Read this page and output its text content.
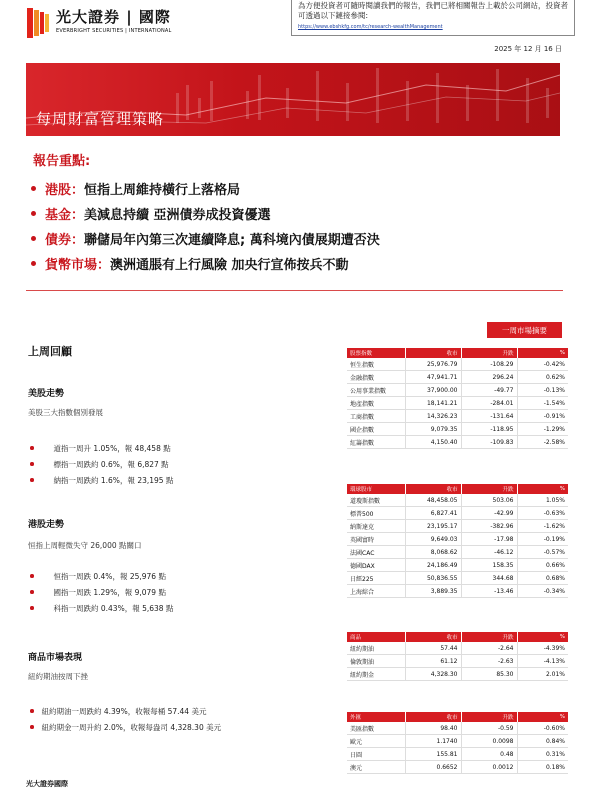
光大證券 | 國際
EVERBRIGHT SECURITIES | INTERNATIONAL
為方便投資者可隨時閱讀我們的報告，我們已將相關報告上載於公司網站，投資者可透過以下鏈接參閱:
https://www.ebshkfg.com/tc/research-wealthManagement
2025 年 12 月 16 日
每周財富管理策略
報告重點:
港股 ： 恒指上周維持橫行上落格局
基金 ： 美減息持續 亞洲債券成投資優選
債券 ： 聯儲局年內第三次連續降息; 萬科境內債展期遭否決
貨幣市場 ： 澳洲通脹有上行風險 加央行宣佈按兵不動
上周回顧
美股走勢
美股三大指數個別發展
道指一周升 1.05%，報 48,458 點
標指一周跌約 0.6%，報 6,827 點
納指一周跌約 1.6%，報 23,195 點
港股走勢
恒指上周輕微失守 26,000 點關口
恒指一周跌 0.4%，報 25,976 點
國指一周跌 1.29%，報 9,079 點
科指一周跌約 0.43%，報 5,638 點
商品市場表現
紐約期油按周下挫
紐約期油一周跌約 4.39%，收報每桶 57.44 美元
紐約期金一周升約 2.0%，收報每盎司 4,328.30 美元
光大證券國際
一周市場摘要
股票指數	收市	升跌	%
恒生指數	25,976.79	-108.29	-0.42%
金融指數	47,941.71	296.24	0.62%
公用事業指數	37,900.00	-49.77	-0.13%
地產指數	18,141.21	-284.01	-1.54%
工商指數	14,326.23	-131.64	-0.91%
國企指數	9,079.35	-118.95	-1.29%
紅籌指數	4,150.40	-109.83	-2.58%
環球股市	收市	升跌	%
道瓊斯指數	48,458.05	503.06	1.05%
標普500	6,827.41	-42.99	-0.63%
納斯達克	23,195.17	-382.96	-1.62%
英國富時	9,649.03	-17.98	-0.19%
法國CAC	8,068.62	-46.12	-0.57%
德國DAX	24,186.49	158.35	0.66%
日經225	50,836.55	344.68	0.68%
上海綜合	3,889.35	-13.46	-0.34%
商品	收市	升跌	%
紐約期油	57.44	-2.64	-4.39%
倫敦期油	61.12	-2.63	-4.13%
紐約期金	4,328.30	85.30	2.01%
外匯	收市	升跌	%
美匯指數	98.40	-0.59	-0.60%
歐元	1.1740	0.0098	0.84%
日圓	155.81	0.48	0.31%
澳元	0.6652	0.0012	0.18%
